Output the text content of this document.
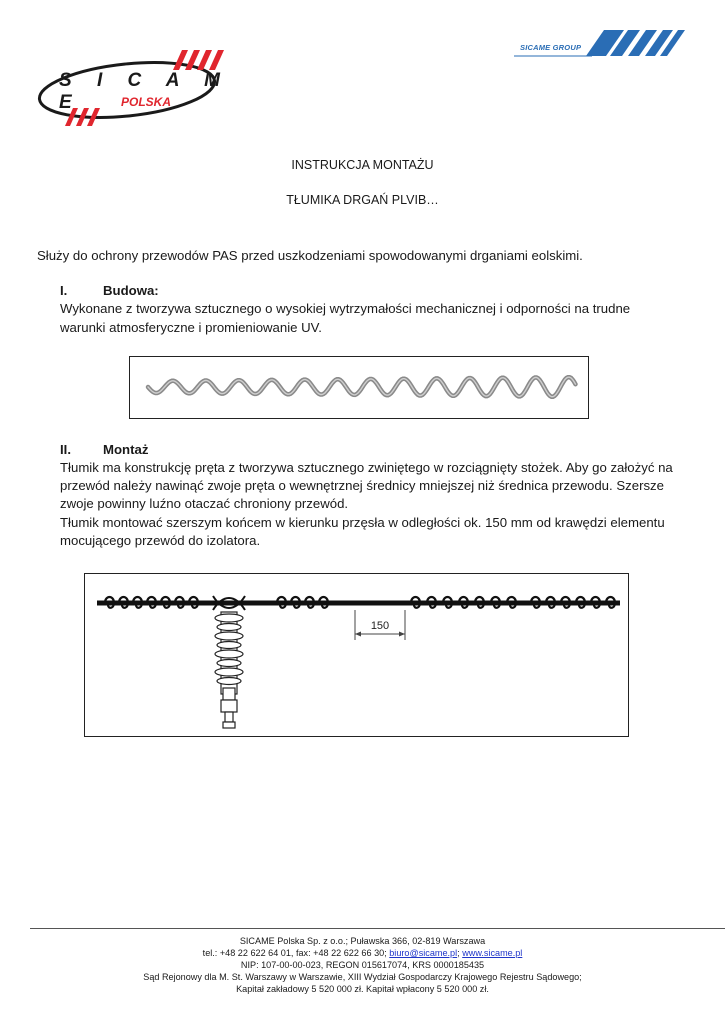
SICAME GROUP
S I C A M E	POLSKA
INSTRUKCJA MONTAŻU
TŁUMIKA DRGAŃ PLVIB…
Służy do ochrony przewodów PAS przed uszkodzeniami spowodowanymi drganiami eolskimi.
I.	Budowa:
Wykonane z tworzywa sztucznego o wysokiej wytrzymałości mechanicznej i odporności na trudne
warunki atmosferyczne i promieniowanie UV.
II. Montaż
Tłumik ma konstrukcję pręta z tworzywa sztucznego zwiniętego w rozciągnięty stożek. Aby go założyć na
przewód należy nawinąć zwoje pręta o wewnętrznej średnicy mniejszej niż średnica przewodu. Szersze
zwoje powinny luźno otaczać chroniony przewód.
Tłumik montować szerszym końcem w kierunku przęsła w odległości ok. 150 mm od krawędzi elementu
mocującego przewód do izolatora.
150
SICAME Polska Sp. z o.o.; Puławska 366, 02-819 Warszawa
tel.: +48 22 622 64 01, fax: +48 22 622 66 30; biuro@sicame.pl; www.sicame.pl
NIP: 107-00-00-023, REGON 015617074, KRS 0000185435
Sąd Rejonowy dla M. St. Warszawy w Warszawie, XIII Wydział Gospodarczy Krajowego Rejestru Sądowego;
Kapitał zakładowy 5 520 000 zł. Kapitał wpłacony 5 520 000 zł.
